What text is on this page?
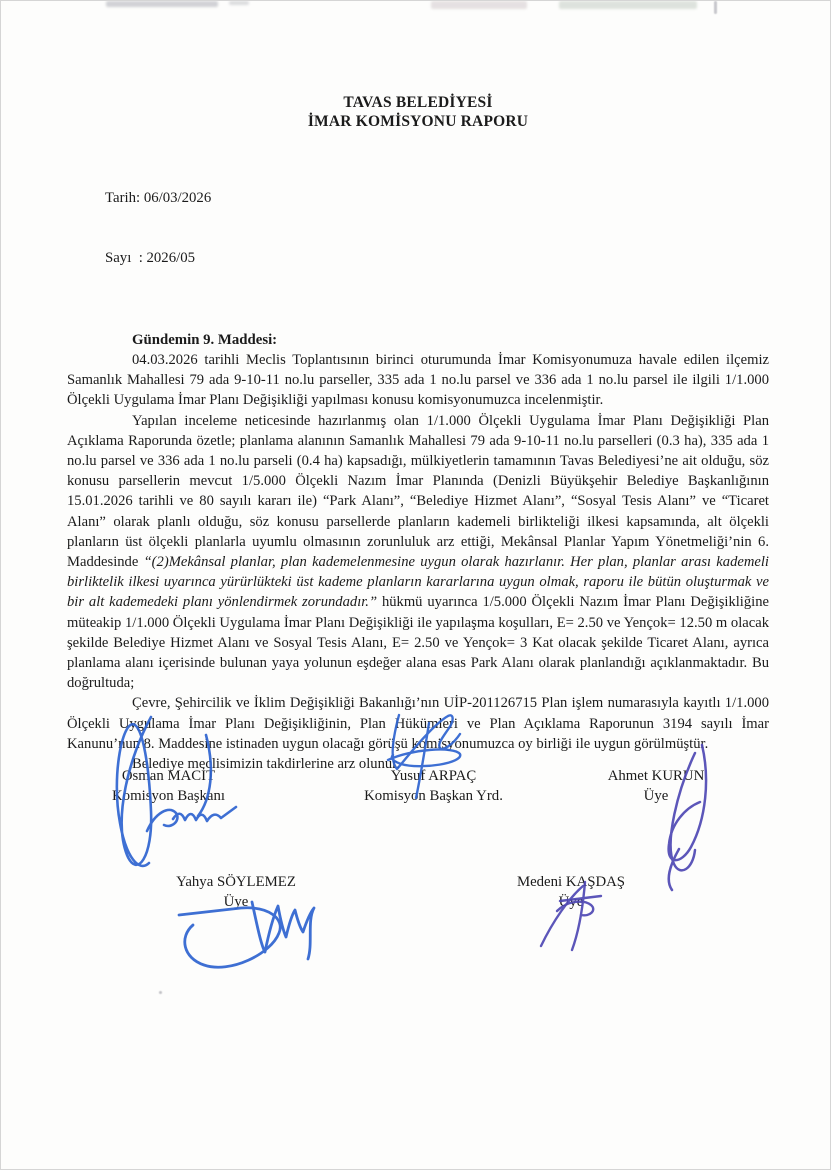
TAVAS BELEDİYESİ
İMAR KOMİSYONU RAPORU

Tarih: 06/03/2026

Sayı  : 2026/05

Gündemin 9. Maddesi:

04.03.2026 tarihli Meclis Toplantısının birinci oturumunda İmar Komisyonumuza havale edilen ilçemiz Samanlık Mahallesi 79 ada 9-10-11 no.lu parseller, 335 ada 1 no.lu parsel ve 336 ada 1 no.lu parsel ile ilgili 1/1.000 Ölçekli Uygulama İmar Planı Değişikliği yapılması konusu komisyonumuzca incelenmiştir.

Yapılan inceleme neticesinde hazırlanmış olan 1/1.000 Ölçekli Uygulama İmar Planı Değişikliği Plan Açıklama Raporunda özetle; planlama alanının Samanlık Mahallesi 79 ada 9-10-11 no.lu parselleri (0.3 ha), 335 ada 1 no.lu parsel ve 336 ada 1 no.lu parseli (0.4 ha) kapsadığı, mülkiyetlerin tamamının Tavas Belediyesi’ne ait olduğu, söz konusu parsellerin mevcut 1/5.000 Ölçekli Nazım İmar Planında (Denizli Büyükşehir Belediye Başkanlığının 15.01.2026 tarihli ve 80 sayılı kararı ile) “Park Alanı”, “Belediye Hizmet Alanı”, “Sosyal Tesis Alanı” ve “Ticaret Alanı” olarak planlı olduğu, söz konusu parsellerde planların kademeli birlikteliği ilkesi kapsamında, alt ölçekli planların üst ölçekli planlarla uyumlu olmasının zorunluluk arz ettiği, Mekânsal Planlar Yapım Yönetmeliği’nin 6. Maddesinde “(2)Mekânsal planlar, plan kademelenmesine uygun olarak hazırlanır. Her plan, planlar arası kademeli birliktelik ilkesi uyarınca yürürlükteki üst kademe planların kararlarına uygun olmak, raporu ile bütün oluşturmak ve bir alt kademedeki planı yönlendirmek zorundadır.” hükmü uyarınca 1/5.000 Ölçekli Nazım İmar Planı Değişikliğine müteakip 1/1.000 Ölçekli Uygulama İmar Planı Değişikliği ile yapılaşma koşulları, E= 2.50 ve Yençok= 12.50 m olacak şekilde Belediye Hizmet Alanı ve Sosyal Tesis Alanı, E= 2.50 ve Yençok= 3 Kat olacak şekilde Ticaret Alanı, ayrıca planlama alanı içerisinde bulunan yaya yolunun eşdeğer alana esas Park Alanı olarak planlandığı açıklanmaktadır. Bu doğrultuda;

Çevre, Şehircilik ve İklim Değişikliği Bakanlığı’nın UİP-201126715 Plan işlem numarasıyla kayıtlı 1/1.000 Ölçekli Uygulama İmar Planı Değişikliğinin, Plan Hükümleri ve Plan Açıklama Raporunun 3194 sayılı İmar Kanunu’nun 8. Maddesine istinaden uygun olacağı görüşü komisyonumuzca oy birliği ile uygun görülmüştür.

Belediye meclisimizin takdirlerine arz olunur.

Osman MACİT
Komisyon Başkanı
Yusuf ARPAÇ
Komisyon Başkan Yrd.
Ahmet KURUN
Üye
Yahya SÖYLEMEZ
Üye
Medeni KAŞDAŞ
Üye
